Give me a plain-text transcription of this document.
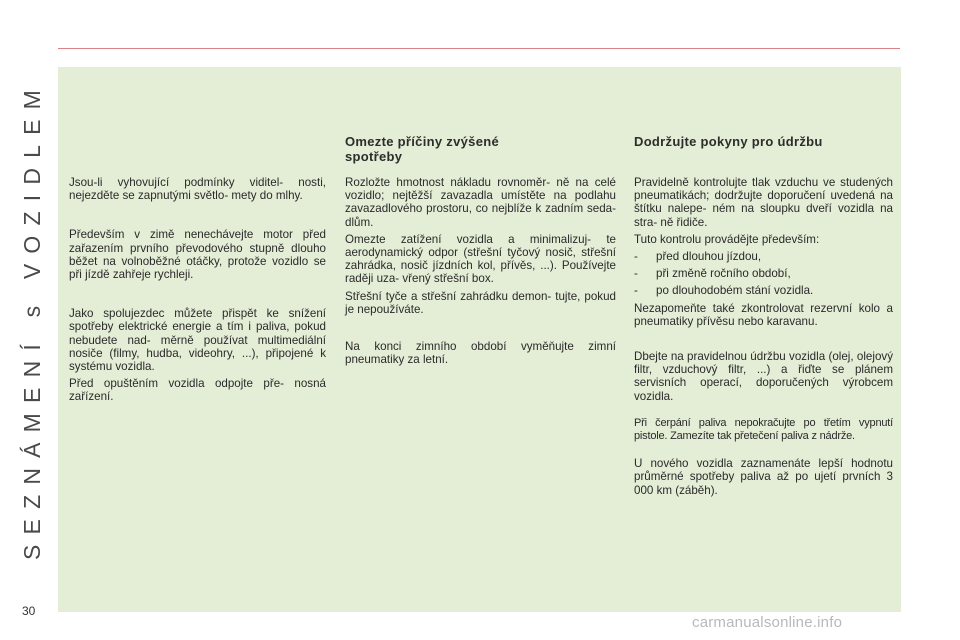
SEZNÁMENÍ s VOZIDLEM
30

Jsou-li vyhovující podmínky viditel- nosti, nejezděte se zapnutými světlo- mety do mlhy.

Především v zimě nenechávejte motor před zařazením prvního převodového stupně dlouho běžet na volnoběžné otáčky, protože vozidlo se při jízdě zahřeje rychleji.

Jako spolujezdec můžete přispět ke snížení spotřeby elektrické energie a tím i paliva, pokud nebudete nad- měrně používat multimediální nosiče (filmy, hudba, videohry, ...), připojené k systému vozidla.

Před opuštěním vozidla odpojte pře- nosná zařízení.

Omezte příčiny zvýšené spotřeby

Rozložte hmotnost nákladu rovnoměr- ně na celé vozidlo; nejtěžší zavazadla umístěte na podlahu zavazadlového prostoru, co nejblíže k zadním seda- dlům.

Omezte zatížení vozidla a minimalizuj- te aerodynamický odpor (střešní tyčový nosič, střešní zahrádka, nosič jízdních kol, přívěs, ...). Používejte raději uza- vřený střešní box.

Střešní tyče a střešní zahrádku demon- tujte, pokud je nepoužíváte.

Na konci zimního období vyměňujte zimní pneumatiky za letní.

Dodržujte pokyny pro údržbu

Pravidelně kontrolujte tlak vzduchu ve studených pneumatikách; dodržujte doporučení uvedená na štítku nalepe- ném na sloupku dveří vozidla na stra- ně řidiče.

Tuto kontrolu provádějte především:

- před dlouhou jízdou,
- při změně ročního období,
- po dlouhodobém stání vozidla.

Nezapomeňte také zkontrolovat rezervní kolo a pneumatiky přívěsu nebo karavanu.

Dbejte na pravidelnou údržbu vozidla (olej, olejový filtr, vzduchový filtr, ...) a řiďte se plánem servisních operací, doporučených výrobcem vozidla.

Při čerpání paliva nepokračujte po třetím vypnutí pistole. Zamezíte tak přetečení paliva z nádrže.

U nového vozidla zaznamenáte lepší hodnotu průměrné spotřeby paliva až po ujetí prvních 3 000 km (záběh).

carmanualsonline.info
